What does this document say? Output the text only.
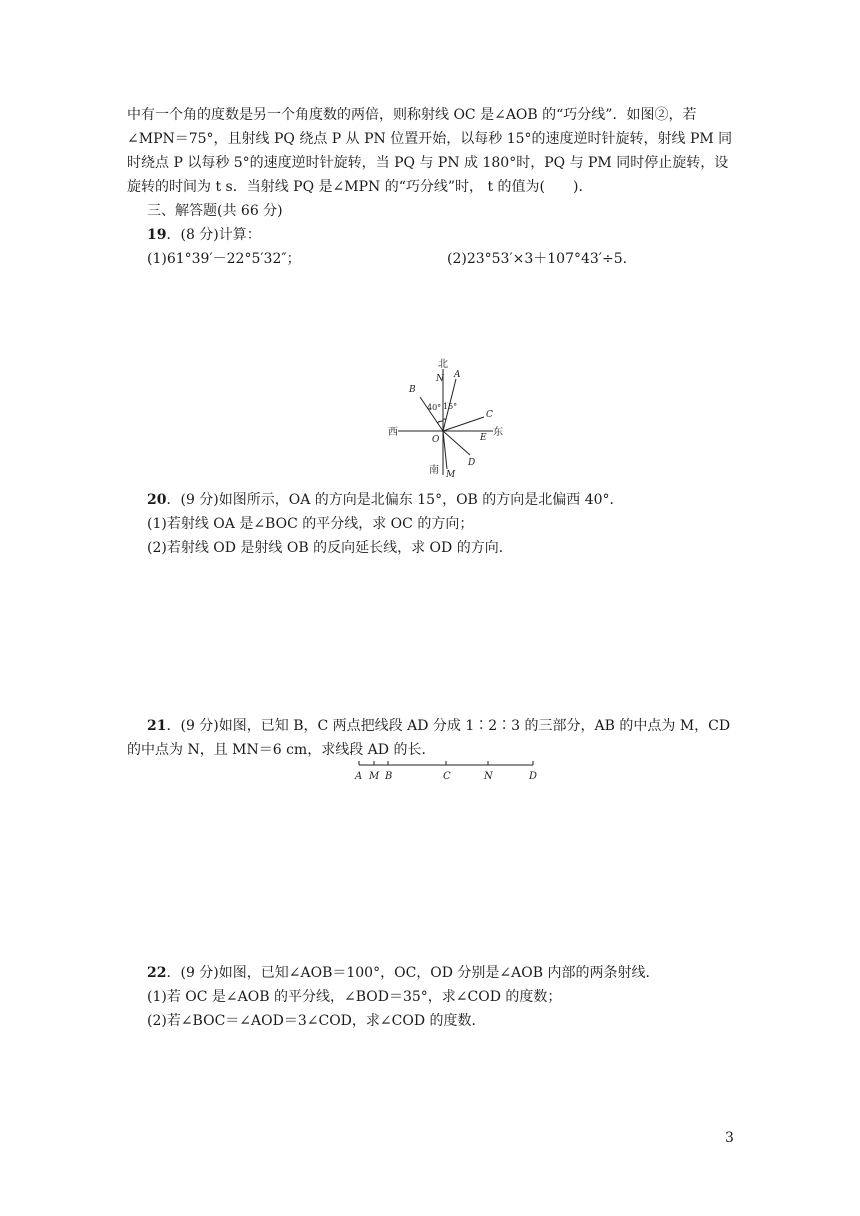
中有一个角的度数是另一个角度数的两倍，则称射线 OC 是∠AOB 的“巧分线”．如图②，若
∠MPN＝75°，且射线 PQ 绕点 P 从 PN 位置开始，以每秒 15°的速度逆时针旋转，射线 PM 同
时绕点 P 以每秒 5°的速度逆时针旋转，当 PQ 与 PN 成 180°时，PQ 与 PM 同时停止旋转，设
旋转的时间为 t s．当射线 PQ 是∠MPN 的“巧分线”时， t 的值为(　　)．
三、解答题(共 66 分)
19．(8 分)计算：
(1)61°39′－22°5′32″；	(2)23°53′×3＋107°43′÷5.
北
N A
B
40° 15°
C
西
O	E 东
D
南 M
20．(9 分)如图所示，OA 的方向是北偏东 15°，OB 的方向是北偏西 40°．
(1)若射线 OA 是∠BOC 的平分线，求 OC 的方向；
(2)若射线 OD 是射线 OB 的反向延长线，求 OD 的方向．
21．(9 分)如图，已知 B，C 两点把线段 AD 分成 1∶2∶3 的三部分，AB 的中点为 M，CD
的中点为 N，且 MN＝6 cm，求线段 AD 的长．
A M B	C	N	D
22．(9 分)如图，已知∠AOB＝100°，OC，OD 分别是∠AOB 内部的两条射线．
(1)若 OC 是∠AOB 的平分线，∠BOD＝35°，求∠COD 的度数；
(2)若∠BOC＝∠AOD＝3∠COD，求∠COD 的度数．
3
